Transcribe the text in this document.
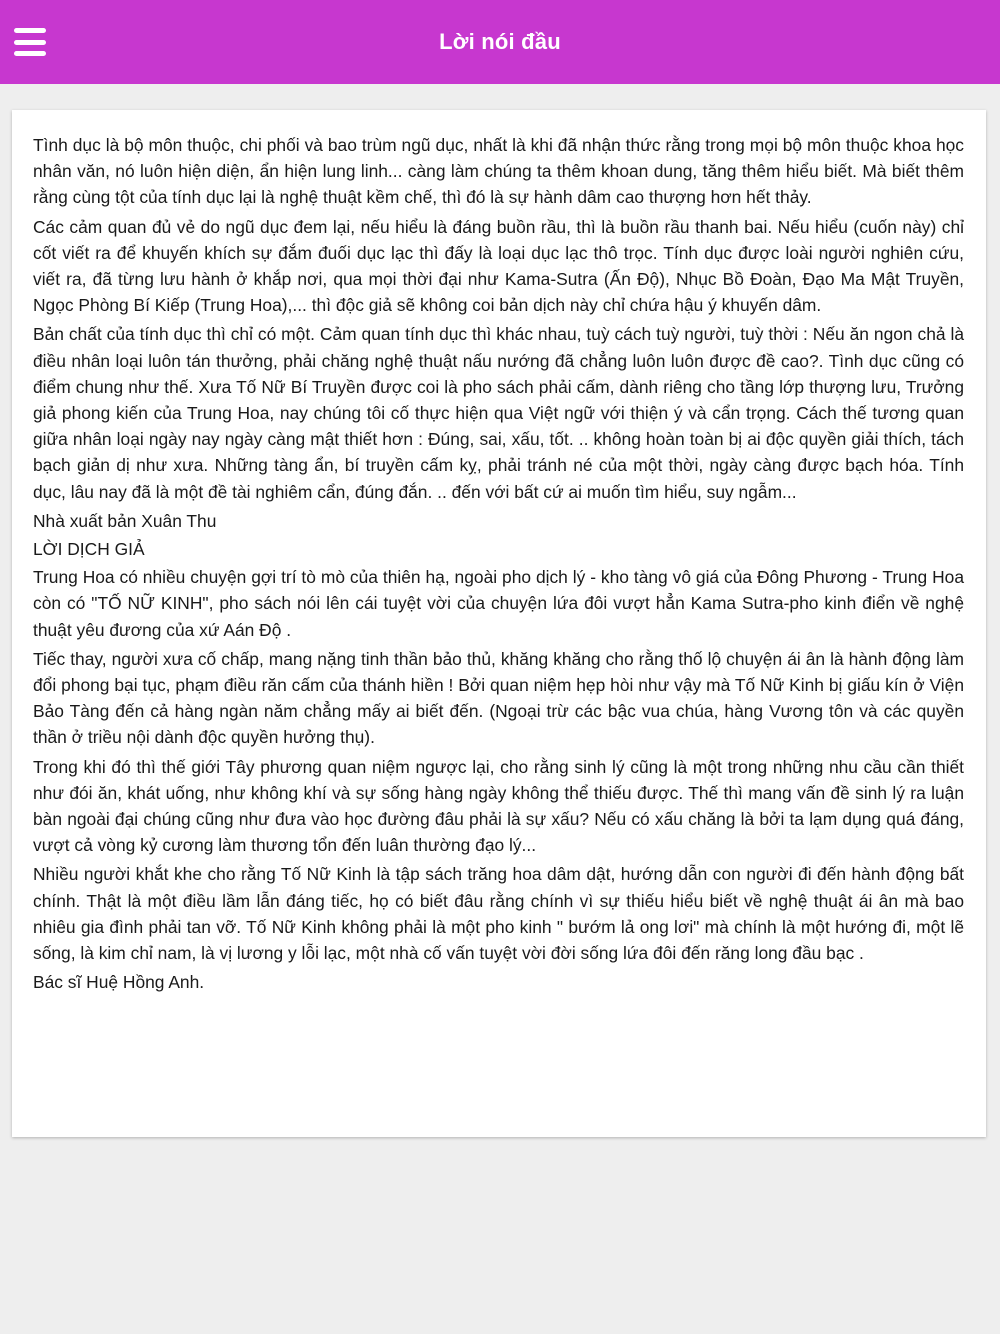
Lời nói đầu

Tình dục là bộ môn thuộc, chi phối và bao trùm ngũ dục, nhất là khi đã nhận thức rằng trong mọi bộ môn thuộc khoa học nhân văn, nó luôn hiện diện, ẩn hiện lung linh... càng làm chúng ta thêm khoan dung, tăng thêm hiểu biết. Mà biết thêm rằng cùng tột của tính dục lại là nghệ thuật kềm chế, thì đó là sự hành dâm cao thượng hơn hết thảy.

Các cảm quan đủ vẻ do ngũ dục đem lại, nếu hiểu là đáng buồn rầu, thì là buồn rầu thanh bai. Nếu hiểu (cuốn này) chỉ cốt viết ra để khuyến khích sự đắm đuối dục lạc thì đấy là loại dục lạc thô trọc. Tính dục được loài người nghiên cứu, viết ra, đã từng lưu hành ở khắp nơi, qua mọi thời đại như Kama-Sutra (Ấn Độ), Nhục Bồ Đoàn, Đạo Ma Mật Truyền, Ngọc Phòng Bí Kiếp (Trung Hoa),... thì độc giả sẽ không coi bản dịch này chỉ chứa hậu ý khuyến dâm.

Bản chất của tính dục thì chỉ có một. Cảm quan tính dục thì khác nhau, tuỳ cách tuỳ người, tuỳ thời : Nếu ăn ngon chả là điều nhân loại luôn tán thưởng, phải chăng nghệ thuật nấu nướng đã chẳng luôn luôn được đề cao?. Tình dục cũng có điểm chung như thế. Xưa Tố Nữ Bí Truyền được coi là pho sách phải cấm, dành riêng cho tầng lớp thượng lưu, Trưởng giả phong kiến của Trung Hoa, nay chúng tôi cố thực hiện qua Việt ngữ với thiện ý và cẩn trọng. Cách thế tương quan giữa nhân loại ngày nay ngày càng mật thiết hơn : Đúng, sai, xấu, tốt. .. không hoàn toàn bị ai độc quyền giải thích, tách bạch giản dị như xưa. Những tàng ẩn, bí truyền cấm kỵ, phải tránh né của một thời, ngày càng được bạch hóa. Tính dục, lâu nay đã là một đề tài nghiêm cẩn, đúng đắn. .. đến với bất cứ ai muốn tìm hiểu, suy ngẫm...

Nhà xuất bản Xuân Thu

LỜI DỊCH GIẢ

Trung Hoa có nhiều chuyện gợi trí tò mò của thiên hạ, ngoài pho dịch lý - kho tàng vô giá của Đông Phương - Trung Hoa còn có "TỐ NỮ KINH", pho sách nói lên cái tuyệt vời của chuyện lứa đôi vượt hẳn Kama Sutra-pho kinh điển về nghệ thuật yêu đương của xứ Aán Độ .

Tiếc thay, người xưa cố chấp, mang nặng tinh thần bảo thủ, khăng khăng cho rằng thố lộ chuyện ái ân là hành động làm đổi phong bại tục, phạm điều răn cấm của thánh hiền ! Bởi quan niệm hẹp hòi như vậy mà Tố Nữ Kinh bị giấu kín ở Viện Bảo Tàng đến cả hàng ngàn năm chẳng mấy ai biết đến. (Ngoại trừ các bậc vua chúa, hàng Vương tôn và các quyền thần ở triều nội dành độc quyền hưởng thụ).

Trong khi đó thì thế giới Tây phương quan niệm ngược lại, cho rằng sinh lý cũng là một trong những nhu cầu cần thiết như đói ăn, khát uống, như không khí và sự sống hàng ngày không thể thiếu được. Thế thì mang vấn đề sinh lý ra luận bàn ngoài đại chúng cũng như đưa vào học đường đâu phải là sự xấu? Nếu có xấu chăng là bởi ta lạm dụng quá đáng, vượt cả vòng kỷ cương làm thương tổn đến luân thường đạo lý...

Nhiều người khắt khe cho rằng Tố Nữ Kinh là tập sách trăng hoa dâm dật, hướng dẫn con người đi đến hành động bất chính. Thật là một điều lầm lẫn đáng tiếc, họ có biết đâu rằng chính vì sự thiếu hiểu biết về nghệ thuật ái ân mà bao nhiêu gia đình phải tan vỡ. Tố Nữ Kinh không phải là một pho kinh " bướm lả ong lơi" mà chính là một hướng đi, một lẽ sống, là kim chỉ nam, là vị lương y lỗi lạc, một nhà cố vấn tuyệt vời đời sống lứa đôi đến răng long đầu bạc .

Bác sĩ Huệ Hồng Anh.
